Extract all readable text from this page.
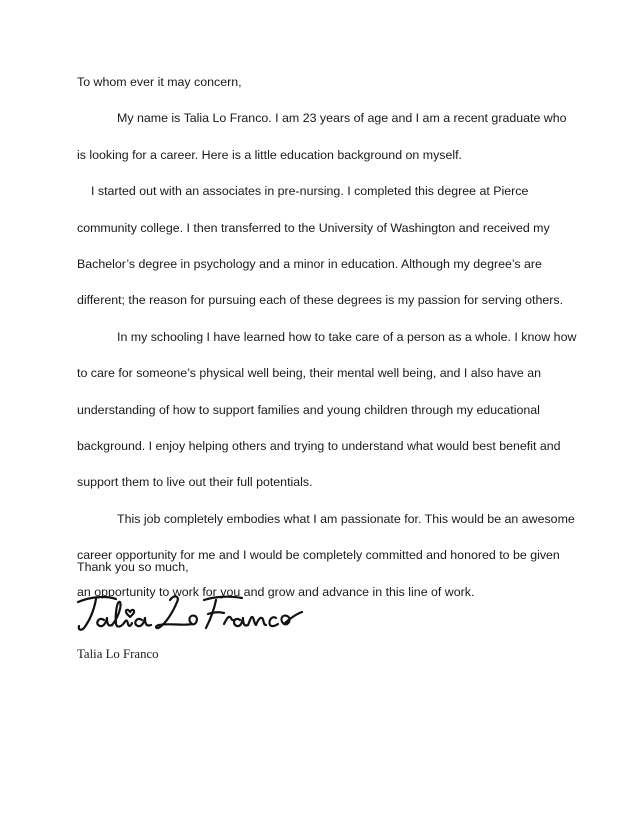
To whom ever it may concern,

My name is Talia Lo Franco. I am 23 years of age and I am a recent graduate who is looking for a career. Here is a little education background on myself.

I started out with an associates in pre-nursing. I completed this degree at Pierce community college. I then transferred to the University of Washington and received my Bachelor’s degree in psychology and a minor in education. Although my degree’s are different; the reason for pursuing each of these degrees is my passion for serving others.

In my schooling I have learned how to take care of a person as a whole. I know how to care for someone’s physical well being, their mental well being, and I also have an understanding of how to support families and young children through my educational background. I enjoy helping others and trying to understand what would best benefit and support them to live out their full potentials.

This job completely embodies what I am passionate for. This would be an awesome career opportunity for me and I would be completely committed and honored to be given an opportunity to work for you and grow and advance in this line of work.

Thank you so much,

Talia Lo Franco
